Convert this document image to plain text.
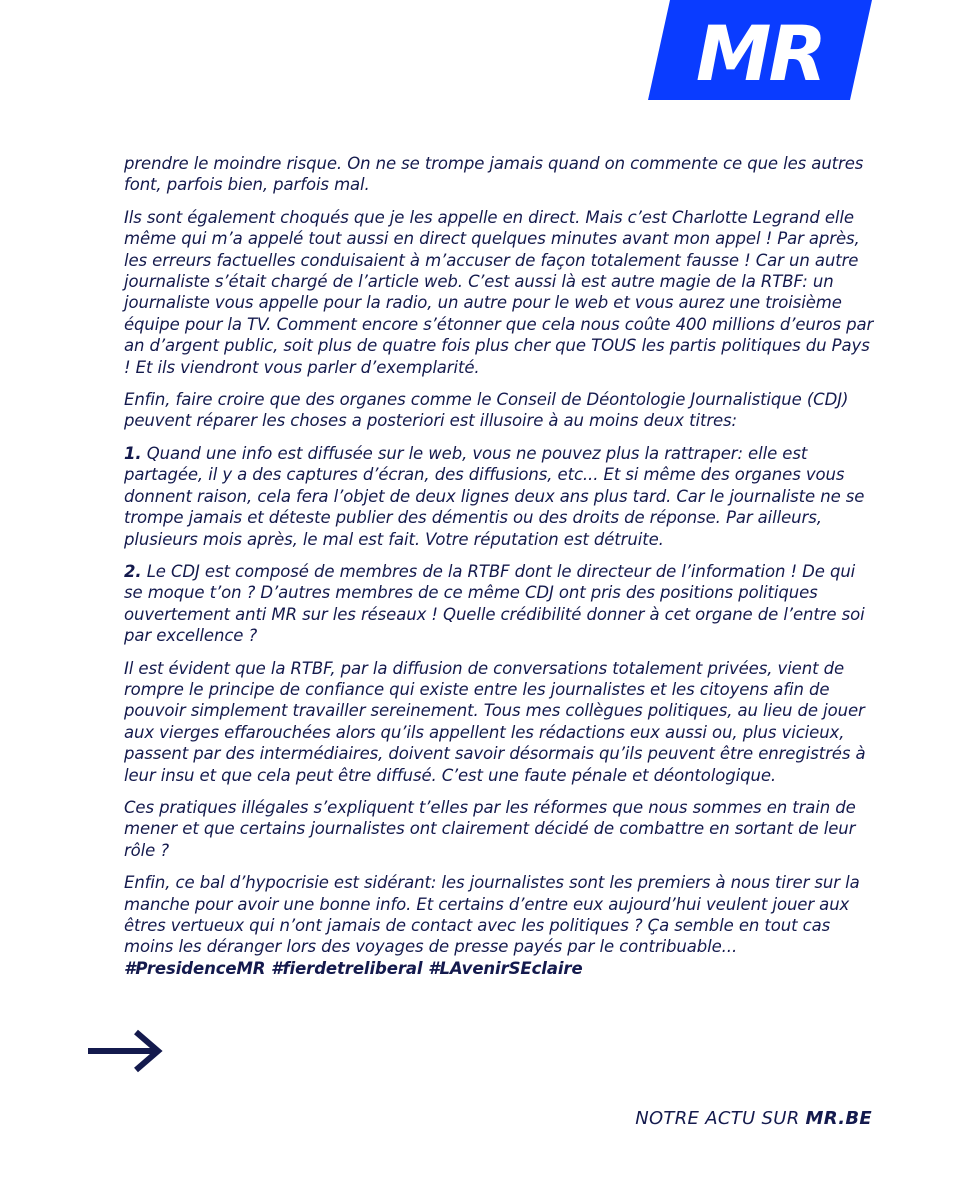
MR

prendre le moindre risque. On ne se trompe jamais quand on commente ce que les autres font, parfois bien, parfois mal.

Ils sont également choqués que je les appelle en direct. Mais c’est Charlotte Legrand elle même qui m’a appelé tout aussi en direct quelques minutes avant mon appel ! Par après, les erreurs factuelles conduisaient à m’accuser de façon totalement fausse ! Car un autre journaliste s’était chargé de l’article web. C’est aussi là est autre magie de la RTBF: un journaliste vous appelle pour la radio, un autre pour le web et vous aurez une troisième équipe pour la TV. Comment encore s’étonner que cela nous coûte 400 millions d’euros par an d’argent public, soit plus de quatre fois plus cher que TOUS les partis politiques du Pays ! Et ils viendront vous parler d’exemplarité.

Enfin, faire croire que des organes comme le Conseil de Déontologie Journalistique (CDJ) peuvent réparer les choses a posteriori est illusoire à au moins deux titres:

1. Quand une info est diffusée sur le web, vous ne pouvez plus la rattraper: elle est partagée, il y a des captures d’écran, des diffusions, etc... Et si même des organes vous donnent raison, cela fera l’objet de deux lignes deux ans plus tard. Car le journaliste ne se trompe jamais et déteste publier des démentis ou des droits de réponse. Par ailleurs, plusieurs mois après, le mal est fait. Votre réputation est détruite.

2. Le CDJ est composé de membres de la RTBF dont le directeur de l’information ! De qui se moque t’on ? D’autres membres de ce même CDJ ont pris des positions politiques ouvertement anti MR sur les réseaux ! Quelle crédibilité donner à cet organe de l’entre soi par excellence ?

Il est évident que la RTBF, par la diffusion de conversations totalement privées, vient de rompre le principe de confiance qui existe entre les journalistes et les citoyens afin de pouvoir simplement travailler sereinement. Tous mes collègues politiques, au lieu de jouer aux vierges effarouchées alors qu’ils appellent les rédactions eux aussi ou, plus vicieux, passent par des intermédiaires, doivent savoir désormais qu’ils peuvent être enregistrés à leur insu et que cela peut être diffusé. C’est une faute pénale et déontologique.

Ces pratiques illégales s’expliquent t’elles par les réformes que nous sommes en train de mener et que certains journalistes ont clairement décidé de combattre en sortant de leur rôle ?

Enfin, ce bal d’hypocrisie est sidérant: les journalistes sont les premiers à nous tirer sur la manche pour avoir une bonne info. Et certains d’entre eux aujourd’hui veulent jouer aux êtres vertueux qui n’ont jamais de contact avec les politiques ? Ça semble en tout cas moins les déranger lors des voyages de presse payés par le contribuable... #PresidenceMR #fierdetreliberal #LAvenirSEclaire

NOTRE ACTU SUR MR.BE
